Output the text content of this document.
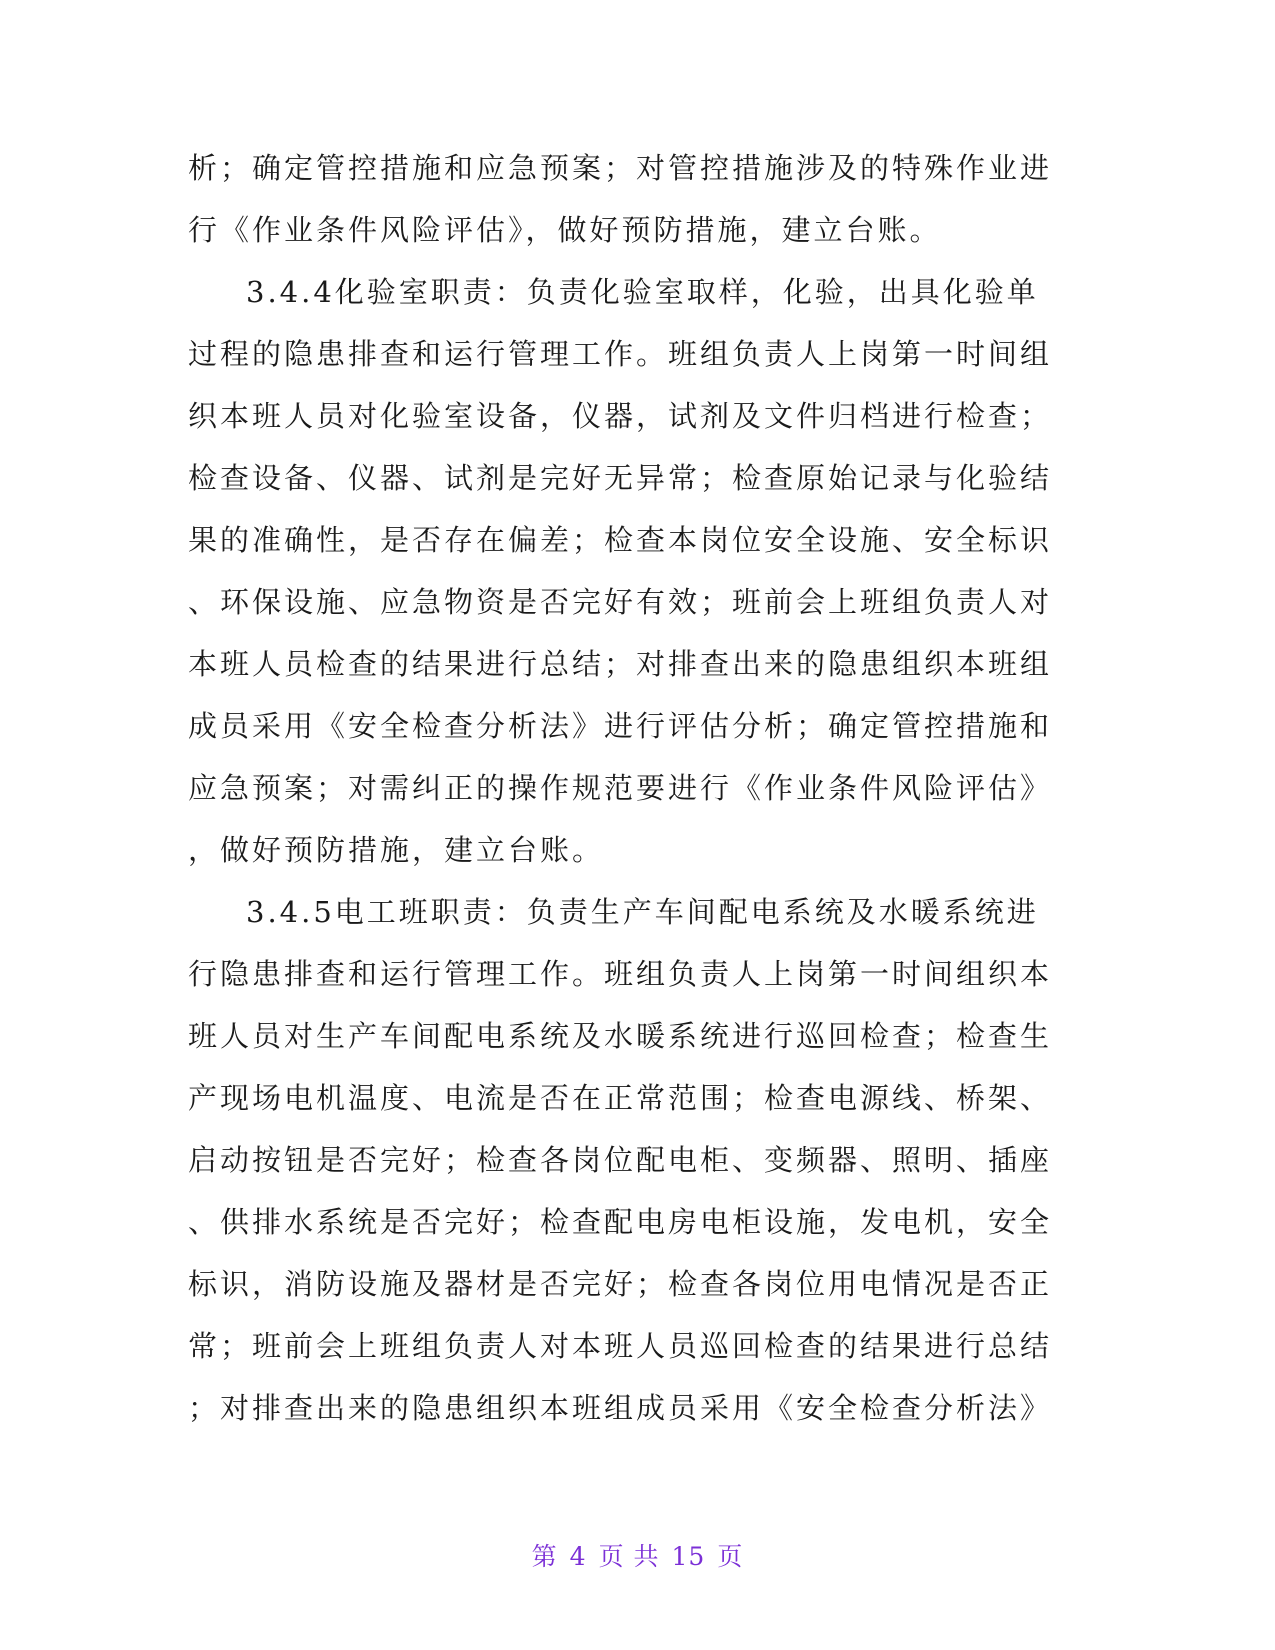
析；确定管控措施和应急预案；对管控措施涉及的特殊作业进
行《作业条件风险评估》，做好预防措施，建立台账。
3.4.4化验室职责：负责化验室取样，化验，出具化验单
过程的隐患排查和运行管理工作。班组负责人上岗第一时间组
织本班人员对化验室设备，仪器，试剂及文件归档进行检查；
检查设备、仪器、试剂是完好无异常；检查原始记录与化验结
果的准确性，是否存在偏差；检查本岗位安全设施、安全标识
、环保设施、应急物资是否完好有效；班前会上班组负责人对
本班人员检查的结果进行总结；对排查出来的隐患组织本班组
成员采用《安全检查分析法》进行评估分析；确定管控措施和
应急预案；对需纠正的操作规范要进行《作业条件风险评估》
，做好预防措施，建立台账。
3.4.5电工班职责：负责生产车间配电系统及水暖系统进
行隐患排查和运行管理工作。班组负责人上岗第一时间组织本
班人员对生产车间配电系统及水暖系统进行巡回检查；检查生
产现场电机温度、电流是否在正常范围；检查电源线、桥架、
启动按钮是否完好；检查各岗位配电柜、变频器、照明、插座
、供排水系统是否完好；检查配电房电柜设施，发电机，安全
标识，消防设施及器材是否完好；检查各岗位用电情况是否正
常；班前会上班组负责人对本班人员巡回检查的结果进行总结
；对排查出来的隐患组织本班组成员采用《安全检查分析法》
第 4 页 共 15 页
